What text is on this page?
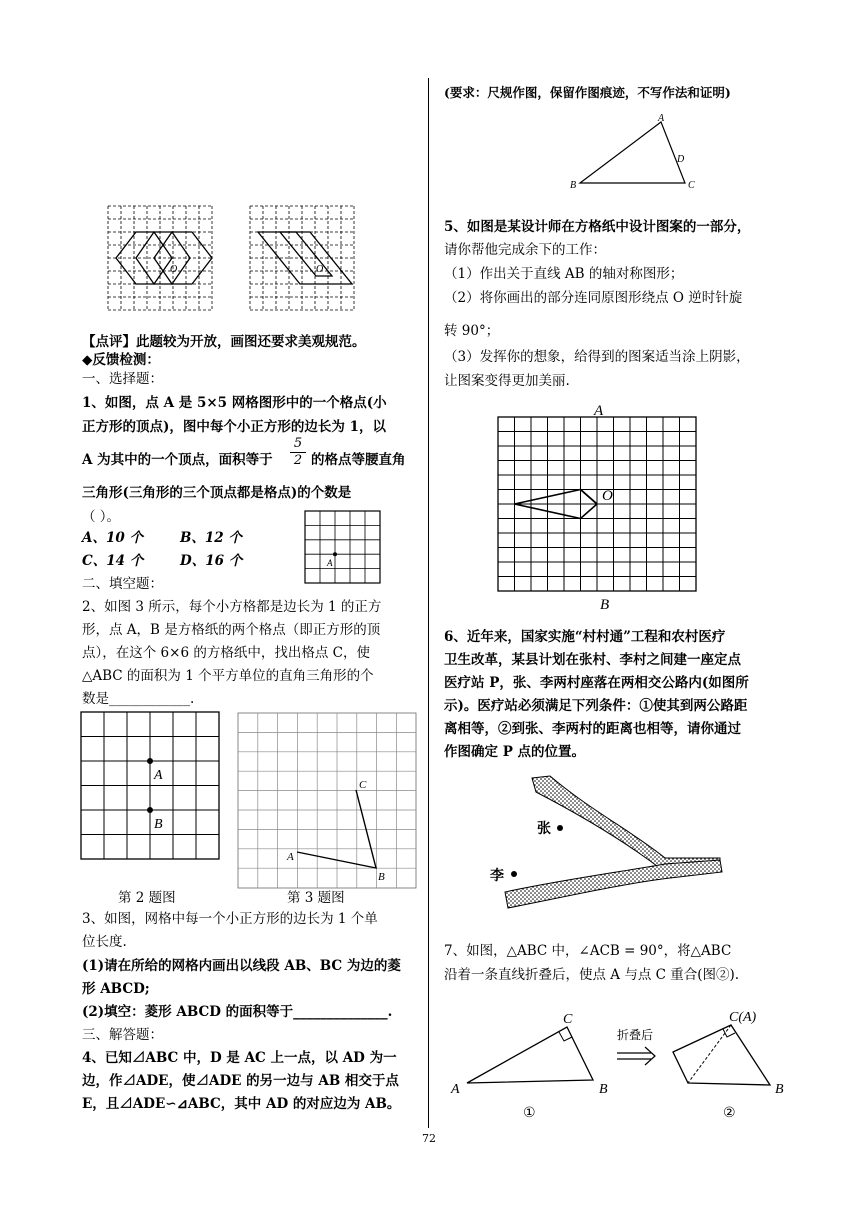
O	O
【点评】此题较为开放，画图还要求美观规范。
◆反馈检测：
一、选择题：
1、如图，点 A 是 5×5 网格图形中的一个格点(小
正方形的顶点)，图中每个小正方形的边长为 1，以
A 为其中的一个顶点，面积等于
5
2 的格点等腰直角
三角形(三角形的三个顶点都是格点)的个数是
（ ）。
A、10 个	B、12 个
C、14 个	D、16 个	A
二、填空题：
2、如图 3 所示，每个小方格都是边长为 1 的正方
形，点 A，B 是方格纸的两个格点（即正方形的顶
点），在这个 6×6 的方格纸中，找出格点 C，使
△ABC 的面积为 1 个平方单位的直角三角形的个
数是____________.
A
B
第 2 题图
A
B
C
第 3 题图
3、如图，网格中每一个小正方形的边长为 1 个单
位长度.
(1)请在所给的网格内画出以线段 AB、BC 为边的菱
形 ABCD;
(2)填空：菱形 ABCD 的面积等于______________.
三、解答题：
4、已知⊿ABC 中，D 是 AC 上一点，以 AD 为一
边，作⊿ADE，使⊿ADE 的另一边与 AB 相交于点
E，且⊿ADE∽⊿ABC，其中 AD 的对应边为 AB。
(要求：尺规作图，保留作图痕迹，不写作法和证明)
A
B	C
D
5、如图是某设计师在方格纸中设计图案的一部分，
请你帮他完成余下的工作：
（1）作出关于直线 AB 的轴对称图形；
（2）将你画出的部分连同原图形绕点 O 逆时针旋
转 90°；
（3）发挥你的想象，给得到的图案适当涂上阴影，
让图案变得更加美丽.
A
O
B
6、近年来，国家实施“村村通”工程和农村医疗
卫生改革，某县计划在张村、李村之间建一座定点
医疗站 P，张、李两村座落在两相交公路内(如图所
示)。医疗站必须满足下列条件：①使其到两公路距
离相等，②到张、李两村的距离也相等，请你通过
作图确定 P 点的位置。
张
李
7、如图，△ABC 中，∠ACB = 90°，将△ABC
沿着一条直线折叠后，使点 A 与点 C 重合(图②).
C
A	B
①
折叠后
C(A)
B
②
72
